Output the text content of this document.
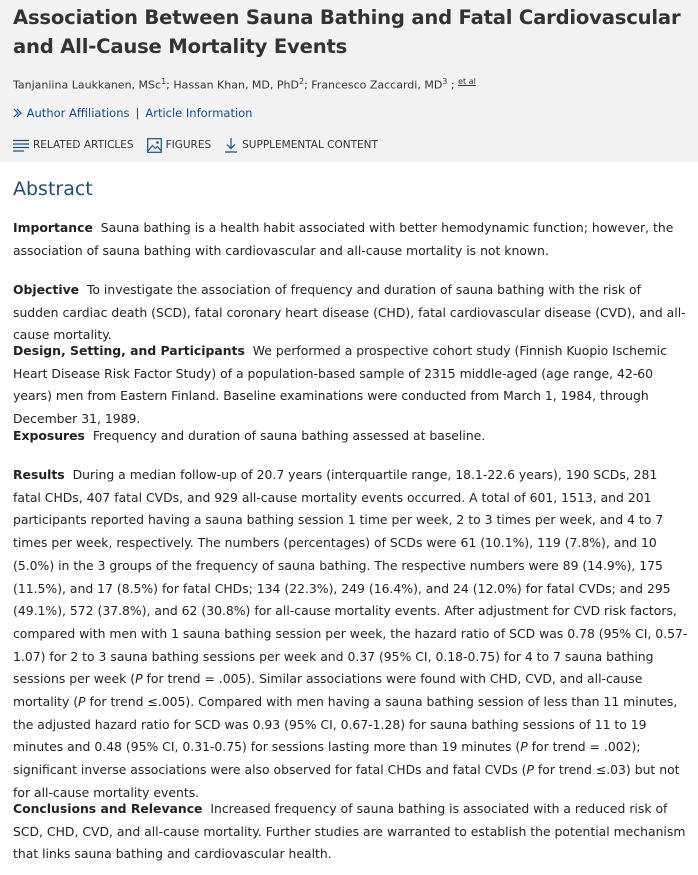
Association Between Sauna Bathing and Fatal Cardiovascular and All-Cause Mortality Events
Tanjaniina Laukkanen, MSc$^1$; Hassan Khan, MD, PhD$^2$; Francesco Zaccardi, $MD^3$ ; $^{et al}$
Author Affiliations | Article Information
RELATED ARTICLES	FIGURES	SUPPLEMENTAL CONTENT
Abstract

Importance Sauna bathing is a health habit associated with better hemodynamic function; however, the association of sauna bathing with cardiovascular and all-cause mortality is not known.

Objective To investigate the association of frequency and duration of sauna bathing with the risk of sudden cardiac death (SCD), fatal coronary heart disease (CHD), fatal cardiovascular disease (CVD), and all-cause mortality.

Design, Setting, and Participants We performed a prospective cohort study (Finnish Kuopio Ischemic Heart Disease Risk Factor Study) of a population-based sample of 2315 middle-aged (age range, 42-60 years) men from Eastern Finland. Baseline examinations were conducted from March 1, 1984, through December 31, 1989.

Exposures Frequency and duration of sauna bathing assessed at baseline.

Results During a median follow-up of 20.7 years (interquartile range, 18.1-22.6 years), 190 SCDs, 281 fatal CHDs, 407 fatal CVDs, and 929 all-cause mortality events occurred. A total of 601, 1513, and 201 participants reported having a sauna bathing session 1 time per week, 2 to 3 times per week, and 4 to 7 times per week, respectively. The numbers (percentages) of SCDs were 61 (10.1%), 119 (7.8%), and 10 (5.0%) in the 3 groups of the frequency of sauna bathing. The respective numbers were 89 (14.9%), 175 (11.5%), and 17 (8.5%) for fatal CHDs; 134 (22.3%), 249 (16.4%), and 24 (12.0%) for fatal CVDs; and 295 (49.1%), 572 (37.8%), and 62 (30.8%) for all-cause mortality events. After adjustment for CVD risk factors, compared with men with 1 sauna bathing session per week, the hazard ratio of SCD was 0.78 (95% CI, 0.57-1.07) for 2 to 3 sauna bathing sessions per week and 0.37 (95% CI, 0.18-0.75) for 4 to 7 sauna bathing sessions per week (P for trend = .005). Similar associations were found with CHD, CVD, and all-cause mortality (P for trend ≤.005). Compared with men having a sauna bathing session of less than 11 minutes, the adjusted hazard ratio for SCD was 0.93 (95% CI, 0.67-1.28) for sauna bathing sessions of 11 to 19 minutes and 0.48 (95% CI, 0.31-0.75) for sessions lasting more than 19 minutes (P for trend = .002); significant inverse associations were also observed for fatal CHDs and fatal CVDs (P for trend ≤.03) but not for all-cause mortality events.

Conclusions and Relevance Increased frequency of sauna bathing is associated with a reduced risk of SCD, CHD, CVD, and all-cause mortality. Further studies are warranted to establish the potential mechanism that links sauna bathing and cardiovascular health.
